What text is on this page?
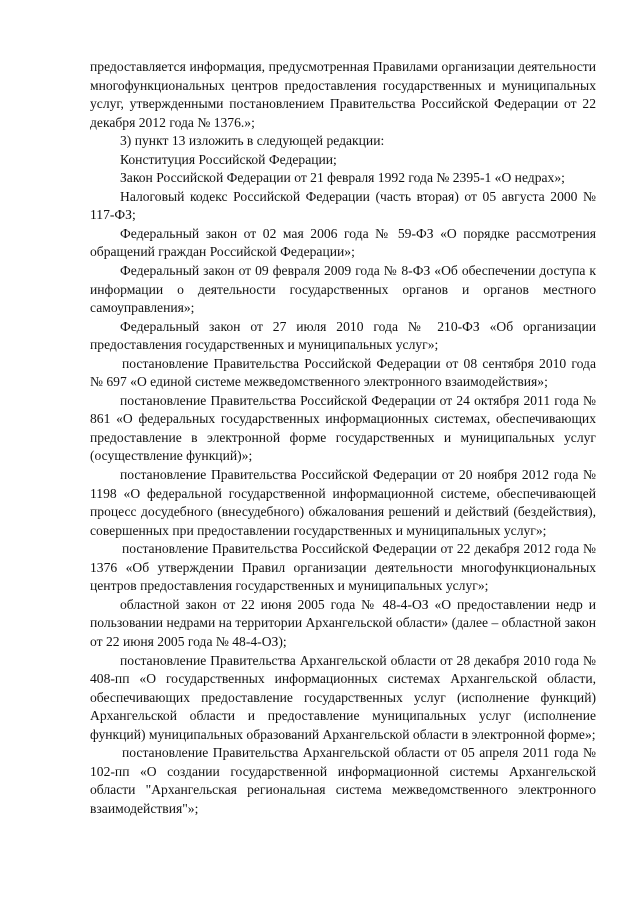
предоставляется информация, предусмотренная Правилами организации деятельности многофункциональных центров предоставления государственных и муниципальных услуг, утвержденными постановлением Правительства Российской Федерации от 22 декабря 2012 года № 1376.»;

3) пункт 13 изложить в следующей редакции:

Конституция Российской Федерации;

Закон Российской Федерации от 21 февраля 1992 года № 2395-1 «О недрах»;

Налоговый кодекс Российской Федерации (часть вторая) от 05 августа 2000 № 117-ФЗ;

Федеральный закон от 02 мая 2006 года № 59-ФЗ «О порядке рассмотрения обращений граждан Российской Федерации»;

Федеральный закон от 09 февраля 2009 года № 8-ФЗ «Об обеспечении доступа к информации о деятельности государственных органов и органов местного самоуправления»;

Федеральный закон от 27 июля 2010 года № 210-ФЗ «Об организации предоставления государственных и муниципальных услуг»;

постановление Правительства Российской Федерации от 08 сентября 2010 года № 697 «О единой системе межведомственного электронного взаимодействия»;

постановление Правительства Российской Федерации от 24 октября 2011 года № 861 «О федеральных государственных информационных системах, обеспечивающих предоставление в электронной форме государственных и муниципальных услуг (осуществление функций)»;

постановление Правительства Российской Федерации от 20 ноября 2012 года № 1198 «О федеральной государственной информационной системе, обеспечивающей процесс досудебного (внесудебного) обжалования решений и действий (бездействия), совершенных при предоставлении государственных и муниципальных услуг»;

постановление Правительства Российской Федерации от 22 декабря 2012 года № 1376 «Об утверждении Правил организации деятельности многофункциональных центров предоставления государственных и муниципальных услуг»;

областной закон от 22 июня 2005 года № 48-4-ОЗ «О предоставлении недр и пользовании недрами на территории Архангельской области» (далее – областной закон от 22 июня 2005 года № 48-4-ОЗ);

постановление Правительства Архангельской области от 28 декабря 2010 года № 408-пп «О государственных информационных системах Архангельской области, обеспечивающих предоставление государственных услуг (исполнение функций) Архангельской области и предоставление муниципальных услуг (исполнение функций) муниципальных образований Архангельской области в электронной форме»;

постановление Правительства Архангельской области от 05 апреля 2011 года № 102-пп «О создании государственной информационной системы Архангельской области "Архангельская региональная система межведомственного электронного взаимодействия"»;
